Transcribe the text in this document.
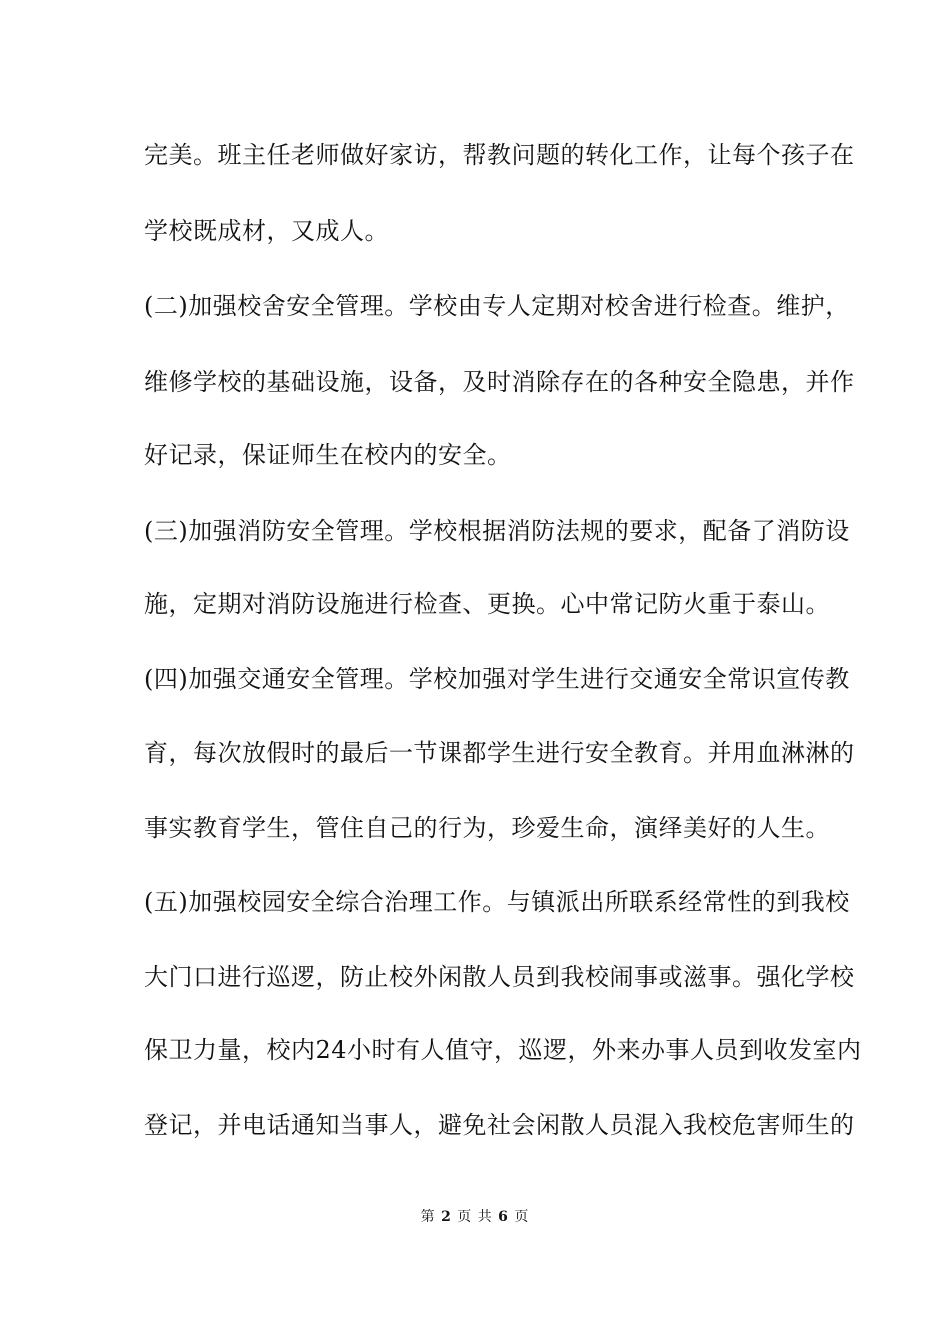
完美。班主任老师做好家访，帮教问题的转化工作，让每个孩子在
学校既成材，又成人。
(二)加强校舍安全管理。学校由专人定期对校舍进行检查。维护，
维修学校的基础设施，设备，及时消除存在的各种安全隐患，并作
好记录，保证师生在校内的安全。
(三)加强消防安全管理。学校根据消防法规的要求，配备了消防设
施，定期对消防设施进行检查、更换。心中常记防火重于泰山。
(四)加强交通安全管理。学校加强对学生进行交通安全常识宣传教
育，每次放假时的最后一节课都学生进行安全教育。并用血淋淋的
事实教育学生，管住自己的行为，珍爱生命，演绎美好的人生。
(五)加强校园安全综合治理工作。与镇派出所联系经常性的到我校
大门口进行巡逻，防止校外闲散人员到我校闹事或滋事。强化学校
保卫力量，校内24小时有人值守，巡逻，外来办事人员到收发室内
登记，并电话通知当事人，避免社会闲散人员混入我校危害师生的
第 2 页 共 6 页
